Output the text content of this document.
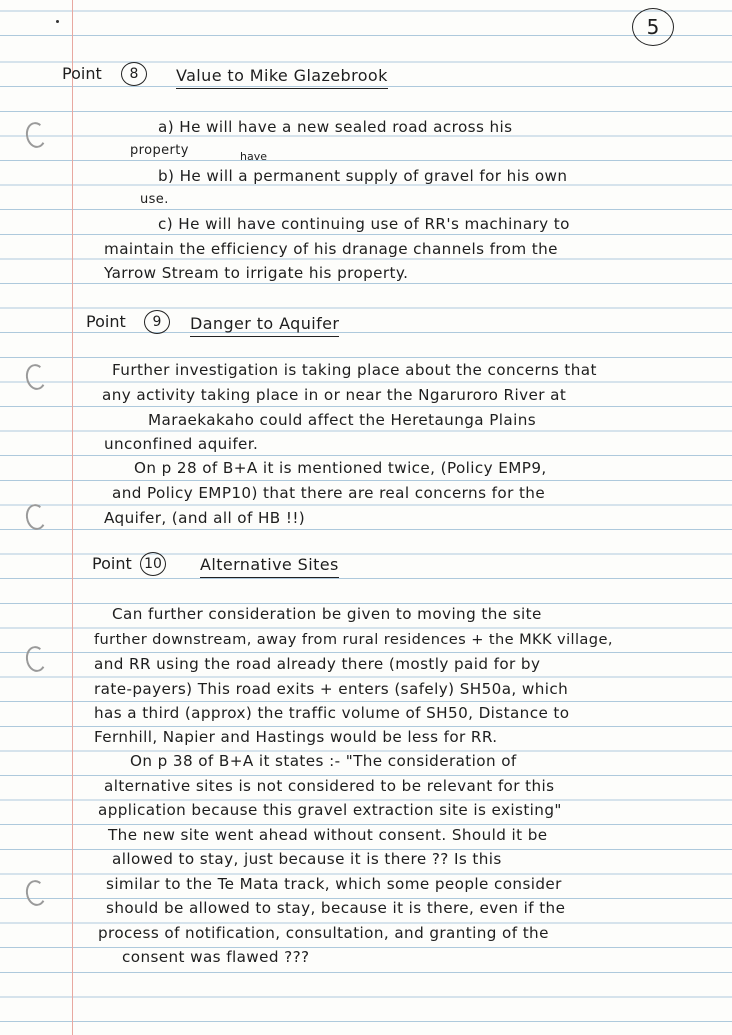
5
Point	8	Value to Mike Glazebrook
a) He will have a new sealed road across his
property	have
b) He will a permanent supply of gravel for his own
use.
c) He will have continuing use of RR's machinary to
maintain the efficiency of his dranage channels from the
Yarrow Stream to irrigate his property.
Point	9	Danger to Aquifer
Further investigation is taking place about the concerns that
any activity taking place in or near the Ngaruroro River at
Maraekakaho could affect the Heretaunga Plains
unconfined aquifer.
On p 28 of B+A it is mentioned twice, (Policy EMP9,
and Policy EMP10) that there are real concerns for the
Aquifer, (and all of HB !!)
Point 10 Alternative Sites
Can further consideration be given to moving the site
further downstream, away from rural residences + the MKK village,
and RR using the road already there (mostly paid for by
rate-payers) This road exits + enters (safely) SH50a, which
has a third (approx) the traffic volume of SH50, Distance to
Fernhill, Napier and Hastings would be less for RR.
On p 38 of B+A it states :- "The consideration of
alternative sites is not considered to be relevant for this
application because this gravel extraction site is existing"
The new site went ahead without consent. Should it be
allowed to stay, just because it is there ?? Is this
similar to the Te Mata track, which some people consider
should be allowed to stay, because it is there, even if the
process of notification, consultation, and granting of the
consent was flawed ???
